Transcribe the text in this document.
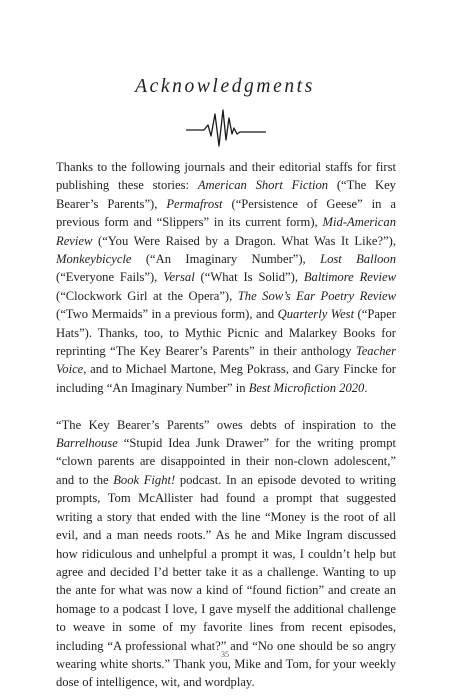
Acknowledgments

Thanks to the following journals and their editorial staffs for first publishing these stories: American Short Fiction (“The Key Bearer’s Parents”), Permafrost (“Persistence of Geese” in a previous form and “Slippers” in its current form), Mid-American Review (“You Were Raised by a Dragon. What Was It Like?”), Monkeybicycle (“An Imaginary Number”), Lost Balloon (“Everyone Fails”), Versal (“What Is Solid”), Baltimore Review (“Clockwork Girl at the Opera”), The Sow’s Ear Poetry Review (“Two Mermaids” in a previous form), and Quarterly West (“Paper Hats”). Thanks, too, to Mythic Picnic and Malarkey Books for reprinting “The Key Bearer’s Parents” in their anthology Teacher Voice, and to Michael Martone, Meg Pokrass, and Gary Fincke for including “An Imaginary Number” in Best Microfiction 2020.

“The Key Bearer’s Parents” owes debts of inspiration to the Barrelhouse “Stupid Idea Junk Drawer” for the writing prompt “clown parents are disappointed in their non-clown adolescent,” and to the Book Fight! podcast. In an episode devoted to writing prompts, Tom McAllister had found a prompt that suggested writing a story that ended with the line “Money is the root of all evil, and a man needs roots.” As he and Mike Ingram discussed how ridiculous and unhelpful a prompt it was, I couldn’t help but agree and decided I’d better take it as a challenge. Wanting to up the ante for what was now a kind of “found fiction” and create an homage to a podcast I love, I gave myself the additional challenge to weave in some of my favorite lines from recent episodes, including “A professional what?” and “No one should be so angry wearing white shorts.” Thank you, Mike and Tom, for your weekly dose of intelligence, wit, and wordplay.

35
